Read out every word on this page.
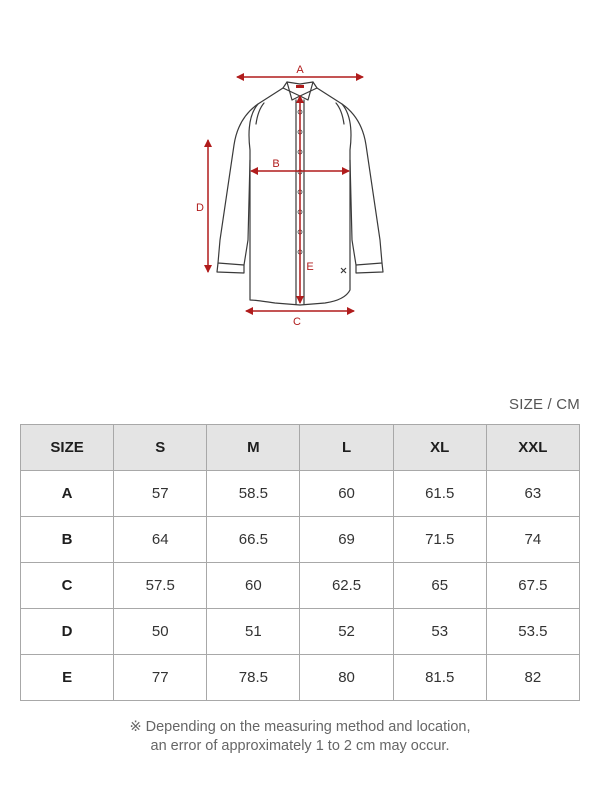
A
B
C
D
E
SIZE / CM
SIZE	S	M	L	XL	XXL
A	57	58.5	60	61.5	63
B	64	66.5	69	71.5	74
C	57.5	60	62.5	65	67.5
D	50	51	52	53	53.5
E	77	78.5	80	81.5	82
※ Depending on the measuring method and location,
an error of approximately 1 to 2 cm may occur.
